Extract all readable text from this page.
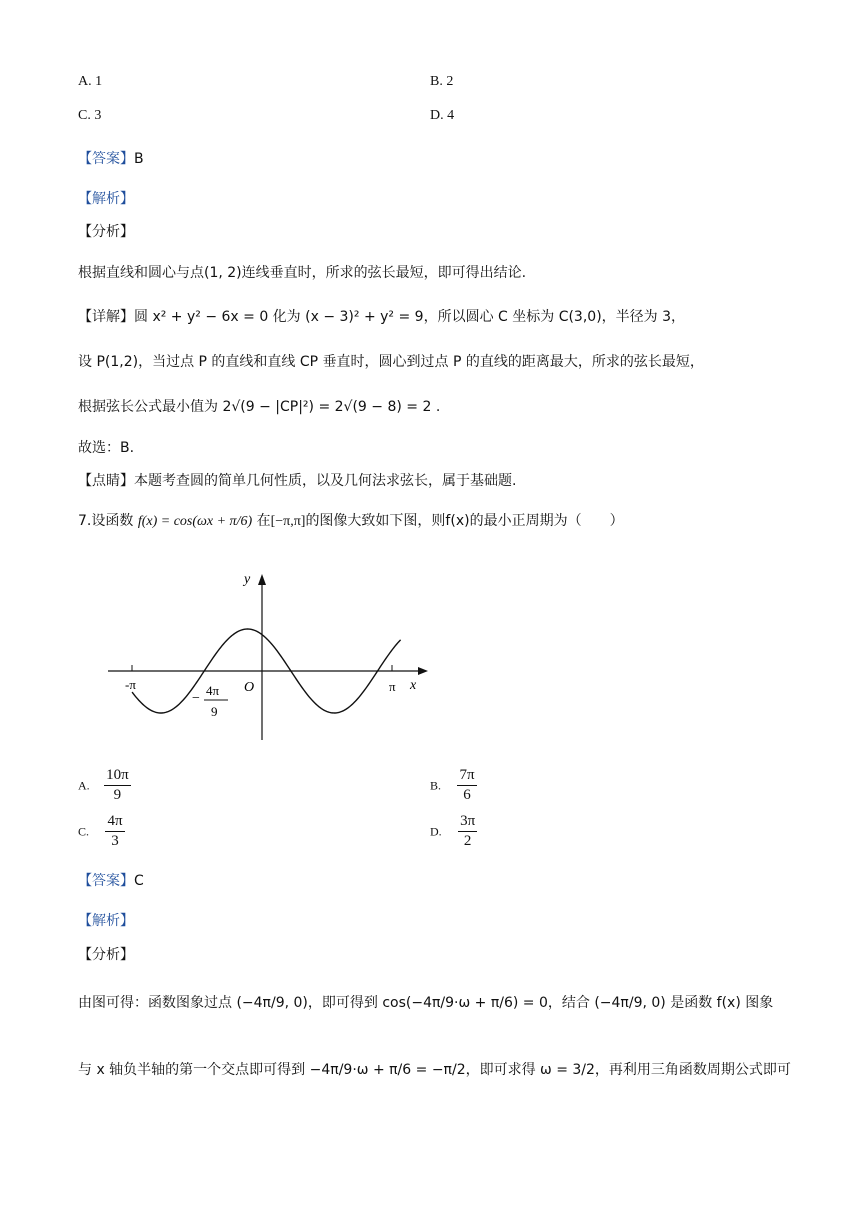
A. 1	B. 2
C. 3	D. 4
【答案】B
【解析】
【分析】
根据直线和圆心与点(1, 2)连线垂直时，所求的弦长最短，即可得出结论.
【详解】圆 x² + y² − 6x = 0 化为 (x − 3)² + y² = 9，所以圆心 C 坐标为 C(3,0)，半径为 3，
设 P(1,2)，当过点 P 的直线和直线 CP 垂直时，圆心到过点 P 的直线的距离最大，所求的弦长最短，
根据弦长公式最小值为 2√(9 − |CP|²) = 2√(9 − 8) = 2 .
故选：B.
【点睛】本题考查圆的简单几何性质，以及几何法求弦长，属于基础题.
7.设函数 f(x) = cos(ωx + π/6) 在[−π,π]的图像大致如下图，则f(x)的最小正周期为（　　）
y
x
O
-π	π
−
4π
9
A. $\frac{10\pi}{9}$	B. $\frac{7\pi}{6}$
C. $\frac{4\pi}{3}$	D. $\frac{3\pi}{2}$
【答案】C
【解析】
【分析】
由图可得：函数图象过点 (−4π/9, 0)，即可得到 cos(−4π/9·ω + π/6) = 0，结合 (−4π/9, 0) 是函数 f(x) 图象
与 x 轴负半轴的第一个交点即可得到 −4π/9·ω + π/6 = −π/2，即可求得 ω = 3/2，再利用三角函数周期公式即可
